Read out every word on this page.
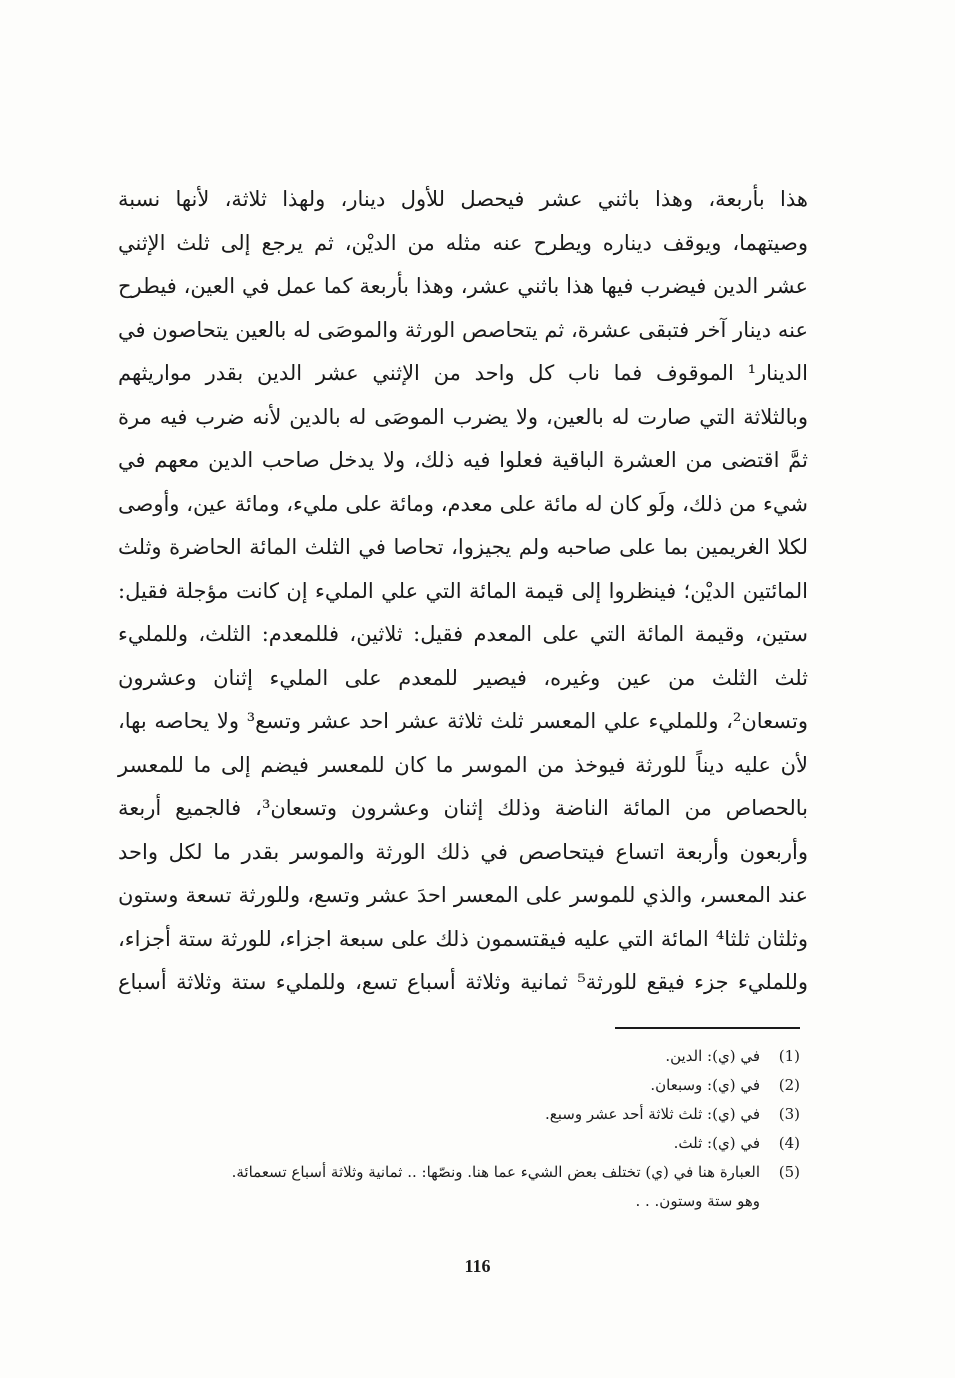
هذا بأربعة، وهذا باثني عشر فيحصل للأول دينار، ولهذا ثلاثة، لأنها نسبة
وصيتهما، ويوقف ديناره ويطرح عنه مثله من الديْن، ثم يرجع إلى ثلث الإثني
عشر الدين فيضرب فيها هذا باثني عشر، وهذا بأربعة كما عمل في العين، فيطرح
عنه دينار آخر فتبقى عشرة، ثم يتحاصص الورثة والموصَى له بالعين يتحاصون في
الدينار¹ الموقوف فما ناب كل واحد من الإثني عشر الدين بقدر مواريثهم
وبالثلاثة التي صارت له بالعين، ولا يضرب الموصَى له بالدين لأنه ضرب فيه مرة
ثمَّ اقتضى من العشرة الباقية فعلوا فيه ذلك، ولا يدخل صاحب الدين معهم في
شيء من ذلك، ولَو كان له مائة على معدم، ومائة على مليء، ومائة عين، وأوصى
لكلا الغريمين بما على صاحبه ولم يجيزوا، تحاصا في الثلث المائة الحاضرة وثلث
المائتين الديْن؛ فينظروا إلى قيمة المائة التي علي المليء إن كانت مؤجلة فقيل:
ستين، وقيمة المائة التي على المعدم فقيل: ثلاثين، فللمعدم: الثلث، وللمليء
ثلث الثلث من عين وغيره، فيصير للمعدم على المليء إثنان وعشرون
وتسعان²، وللمليء علي المعسر ثلث ثلاثة عشر احد عشر وتسع³ ولا يحاصه بها،
لأن عليه ديناً للورثة فيوخذ من الموسر ما كان للمعسر فيضم إلى ما للمعسر
بالحصاص من المائة الناضة وذلك إثنان وعشرون وتسعان³، فالجميع أربعة
وأربعون وأربعة اتساع فيتحاصص في ذلك الورثة والموسر بقدر ما لكل واحد
عند المعسر، والذي للموسر على المعسر احدَ عشر وتسع، وللورثة تسعة وستون
وثلثان ثلثا⁴ المائة التي عليه فيقتسمون ذلك على سبعة اجزاء، للورثة ستة أجزاء،
وللمليء جزء فيقع للورثة⁵ ثمانية وثلاثة أسباع تسع، وللمليء ستة وثلاثة أسباع
(1)
في (ي): الدين.
(2)
في (ي): وسبعان.
(3)
في (ي): ثلث ثلاثة أحد عشر وسبع.
(4)
في (ي): ثلث.
(5)
العبارة هنا في (ي) تختلف بعض الشيء عما هنا. ونصّها: .. ثمانية وثلاثة أسباع تسعمائة.
وهو ستة وستون. . .
116
